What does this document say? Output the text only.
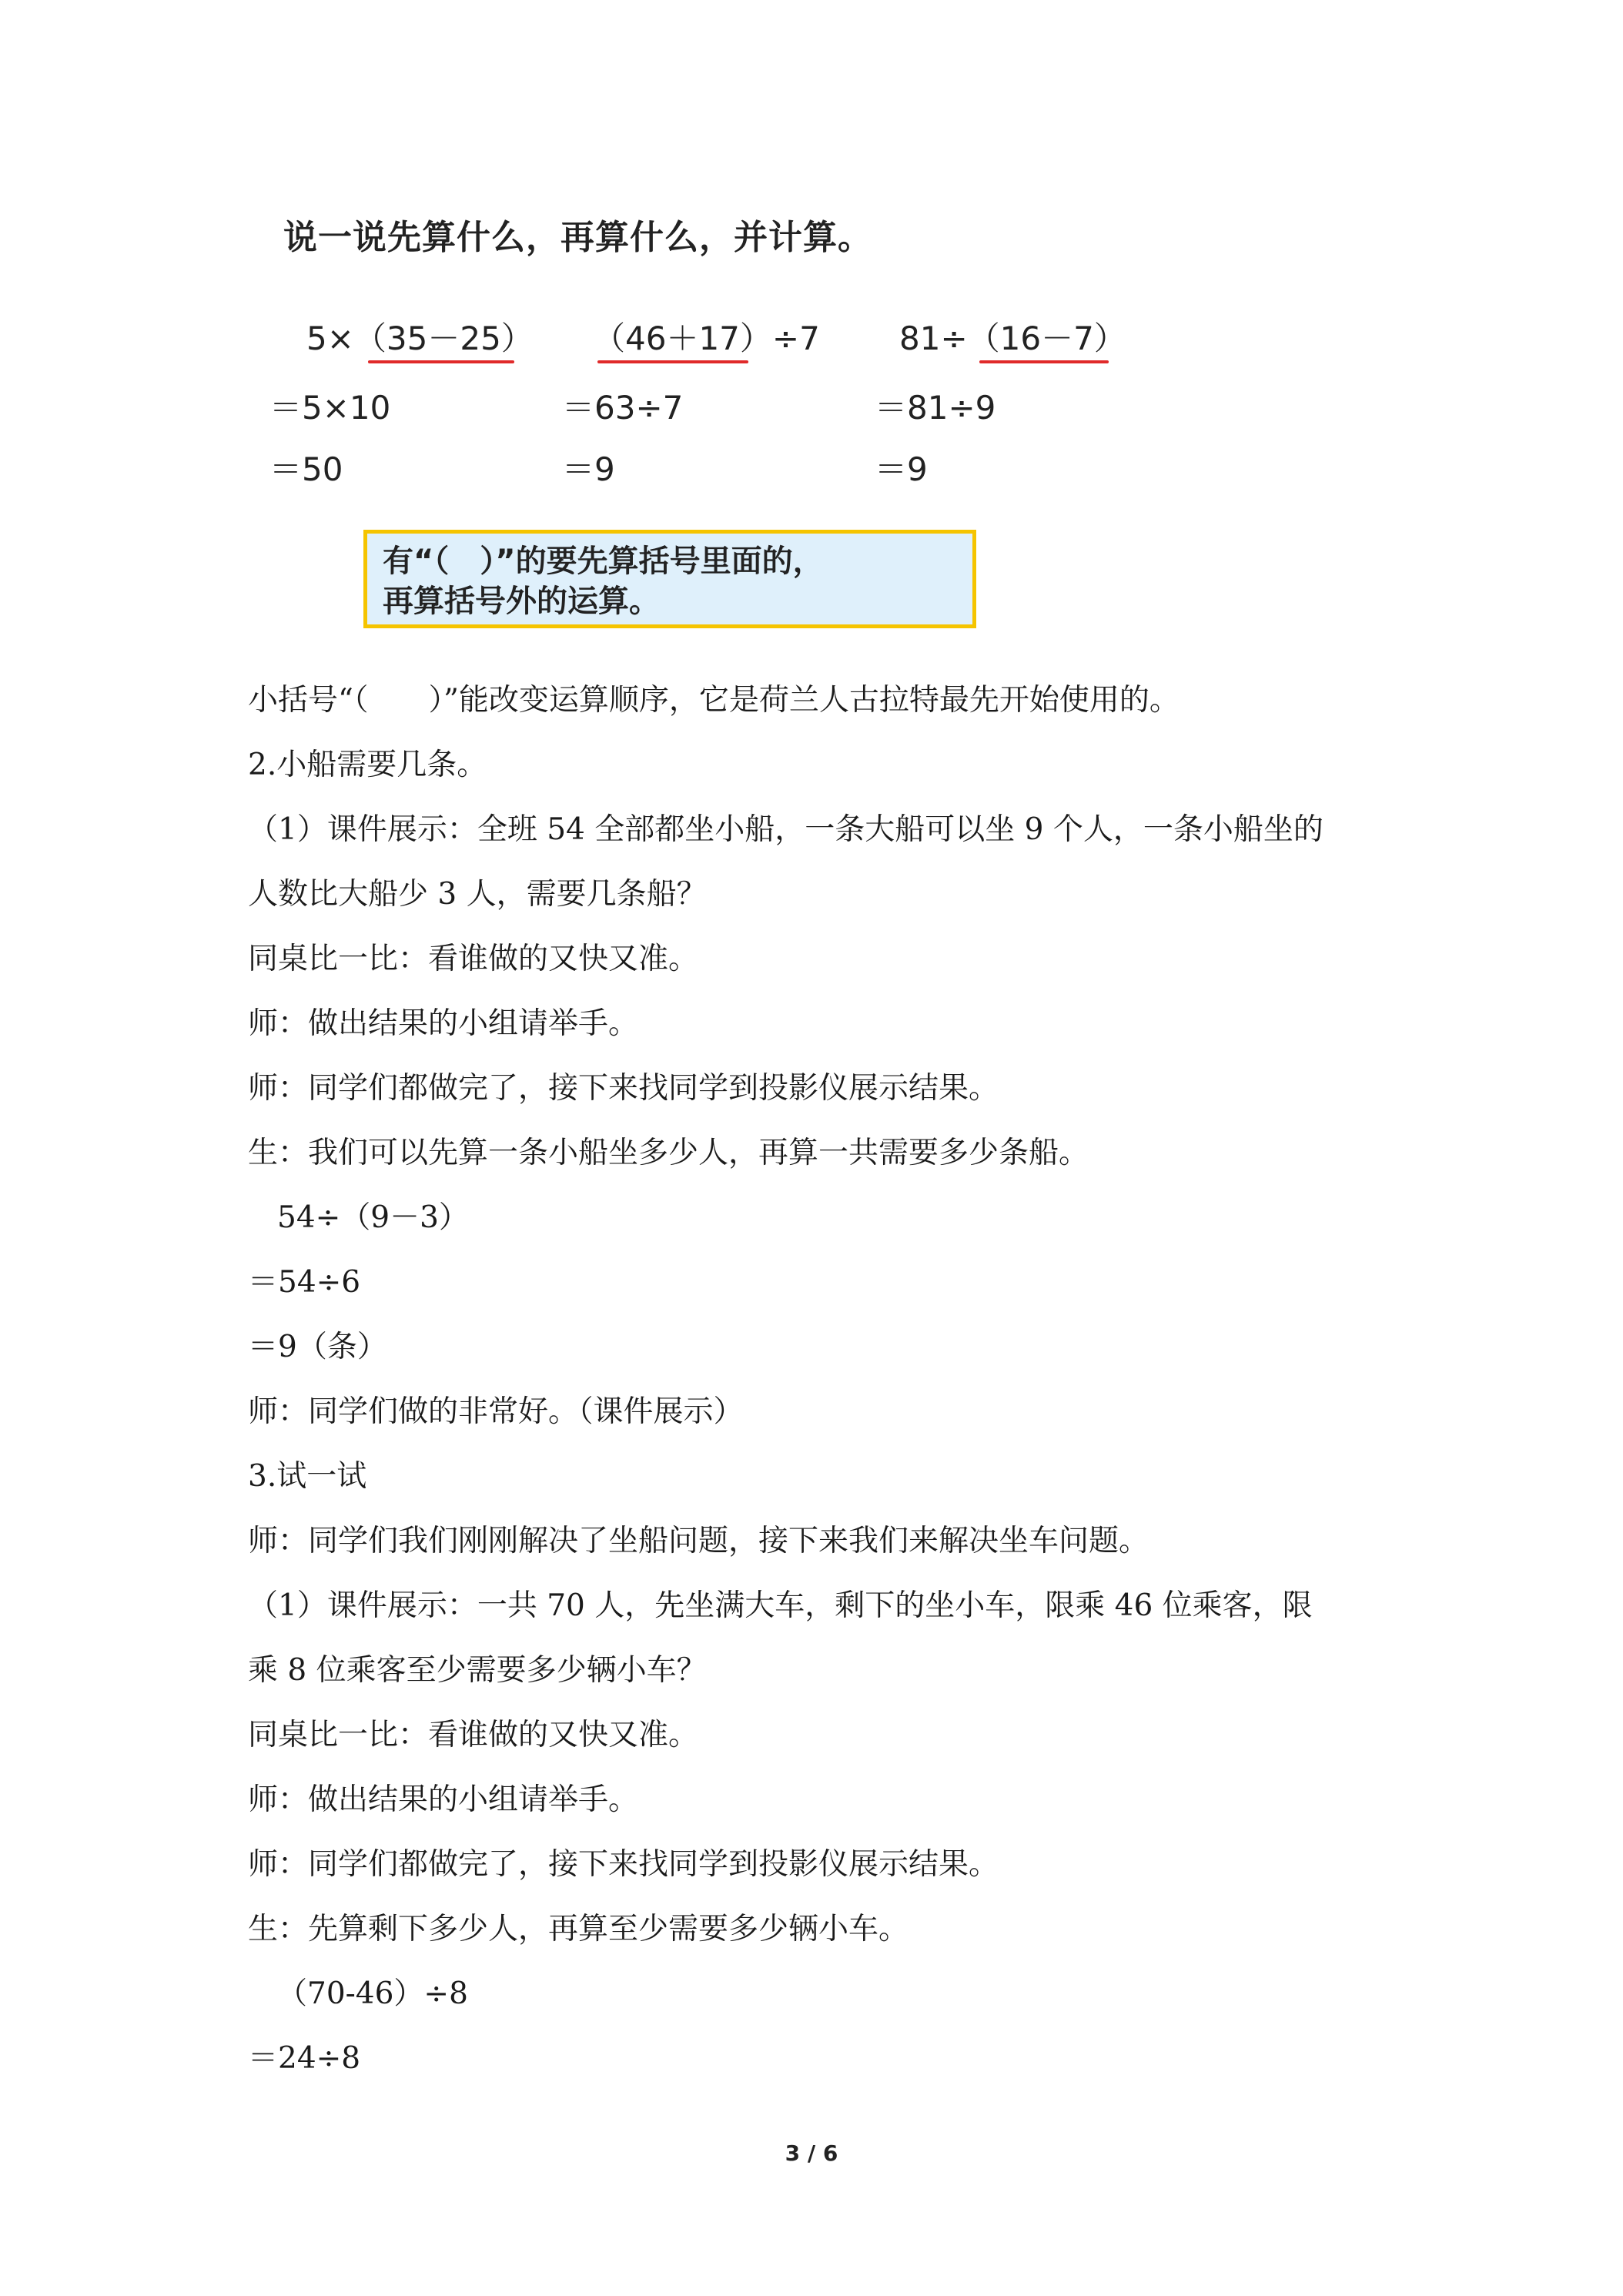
说一说先算什么，再算什么，并计算。
5×（35－25）
＝5×10
＝50
（46＋17）÷7
＝63÷7
＝9
81÷（16－7）
＝81÷9
＝9
有“（　）”的要先算括号里面的，
再算括号外的运算。
小括号“（　　）”能改变运算顺序，它是荷兰人古拉特最先开始使用的。
2.小船需要几条。
（1）课件展示：全班 54 全部都坐小船，一条大船可以坐 9 个人，一条小船坐的
人数比大船少 3 人，需要几条船？
同桌比一比：看谁做的又快又准。
师：做出结果的小组请举手。
师：同学们都做完了，接下来找同学到投影仪展示结果。
生：我们可以先算一条小船坐多少人，再算一共需要多少条船。
54÷（9－3）
＝54÷6
＝9（条）
师：同学们做的非常好。（课件展示）
3.试一试
师：同学们我们刚刚解决了坐船问题，接下来我们来解决坐车问题。
（1）课件展示：一共 70 人，先坐满大车，剩下的坐小车，限乘 46 位乘客，限
乘 8 位乘客至少需要多少辆小车？
同桌比一比：看谁做的又快又准。
师：做出结果的小组请举手。
师：同学们都做完了，接下来找同学到投影仪展示结果。
生：先算剩下多少人，再算至少需要多少辆小车。
（70-46）÷8
＝24÷8
3 / 6
